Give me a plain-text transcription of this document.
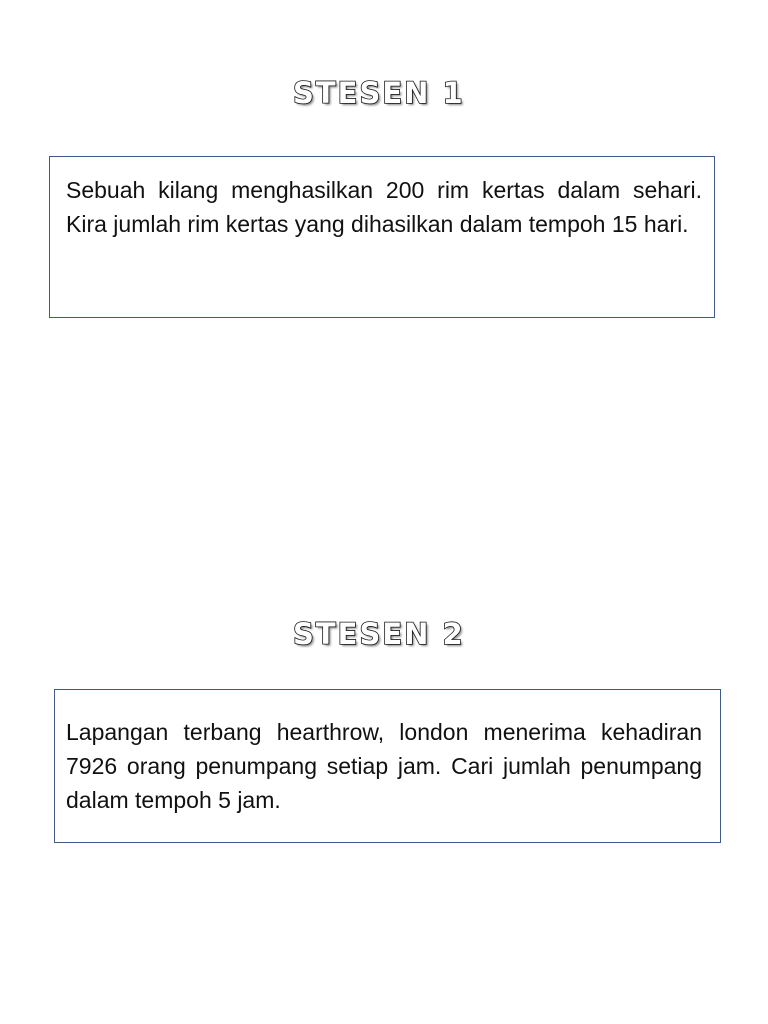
STESEN 1

Sebuah kilang menghasilkan 200 rim kertas dalam sehari. Kira jumlah rim kertas yang dihasilkan dalam tempoh 15 hari.

STESEN 2

Lapangan terbang hearthrow, london menerima kehadiran 7926 orang penumpang setiap jam. Cari jumlah penumpang dalam tempoh 5 jam.
